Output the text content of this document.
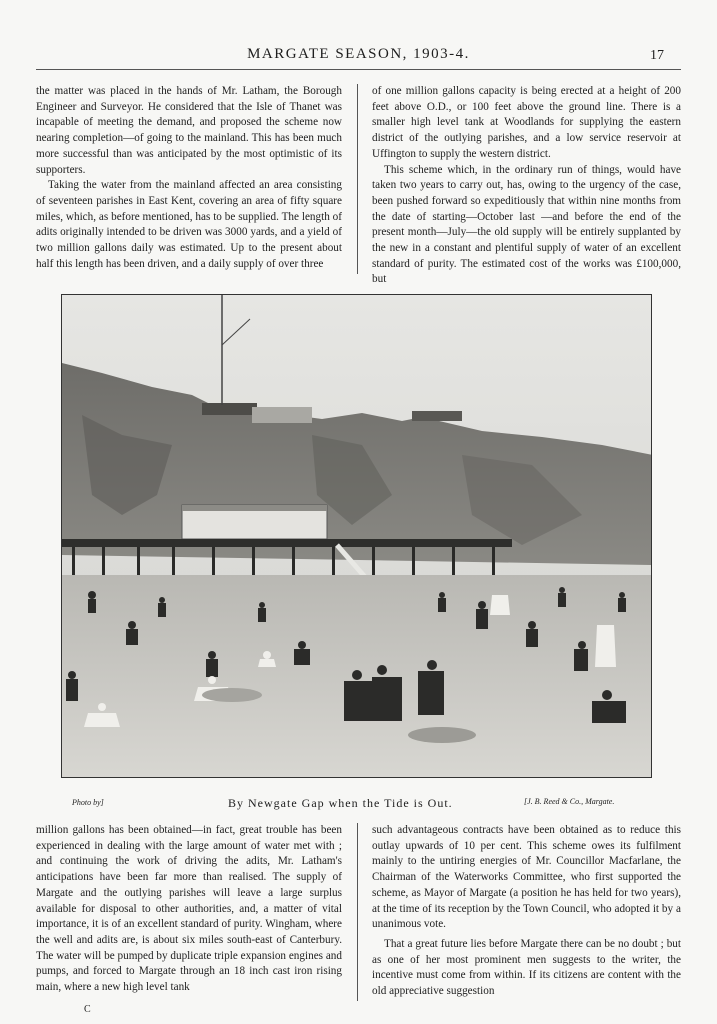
MARGATE SEASON, 1903-4.	17

the matter was placed in the hands of Mr. Latham, the Borough Engineer and Surveyor. He considered that the Isle of Thanet was incapable of meeting the demand, and proposed the scheme now nearing completion—of going to the mainland. This has been much more successful than was anticipated by the most optimistic of its supporters.

Taking the water from the mainland affected an area consisting of seventeen parishes in East Kent, covering an area of fifty square miles, which, as before mentioned, has to be supplied. The length of adits originally intended to be driven was 3000 yards, and a yield of two million gallons daily was estimated. Up to the present about half this length has been driven, and a daily supply of over three

of one million gallons capacity is being erected at a height of 200 feet above O.D., or 100 feet above the ground line. There is a smaller high level tank at Woodlands for supplying the eastern district of the outlying parishes, and a low service reservoir at Uffington to supply the western district.

This scheme which, in the ordinary run of things, would have taken two years to carry out, has, owing to the urgency of the case, been pushed forward so expeditiously that within nine months from the date of starting—October last —and before the end of the present month—July—the old supply will be entirely supplanted by the new in a constant and plentiful supply of water of an excellent standard of purity. The estimated cost of the works was £100,000, but

Photo by]	By Newgate Gap when the Tide is Out.	[J. B. Reed & Co., Margate.

million gallons has been obtained—in fact, great trouble has been experienced in dealing with the large amount of water met with ; and continuing the work of driving the adits, Mr. Latham's anticipations have been far more than realised. The supply of Margate and the outlying parishes will leave a large surplus available for disposal to other authorities, and, a matter of vital importance, it is of an excellent standard of purity. Wingham, where the well and adits are, is about six miles south-east of Canterbury. The water will be pumped by duplicate triple expansion engines and pumps, and forced to Margate through an 18 inch cast iron rising main, where a new high level tank

such advantageous contracts have been obtained as to reduce this outlay upwards of 10 per cent. This scheme owes its fulfilment mainly to the untiring energies of Mr. Councillor Macfarlane, the Chairman of the Waterworks Committee, who first supported the scheme, as Mayor of Margate (a position he has held for two years), at the time of its reception by the Town Council, who adopted it by a unanimous vote.

That a great future lies before Margate there can be no doubt ; but as one of her most prominent men suggests to the writer, the incentive must come from within. If its citizens are content with the old appreciative suggestion

C
